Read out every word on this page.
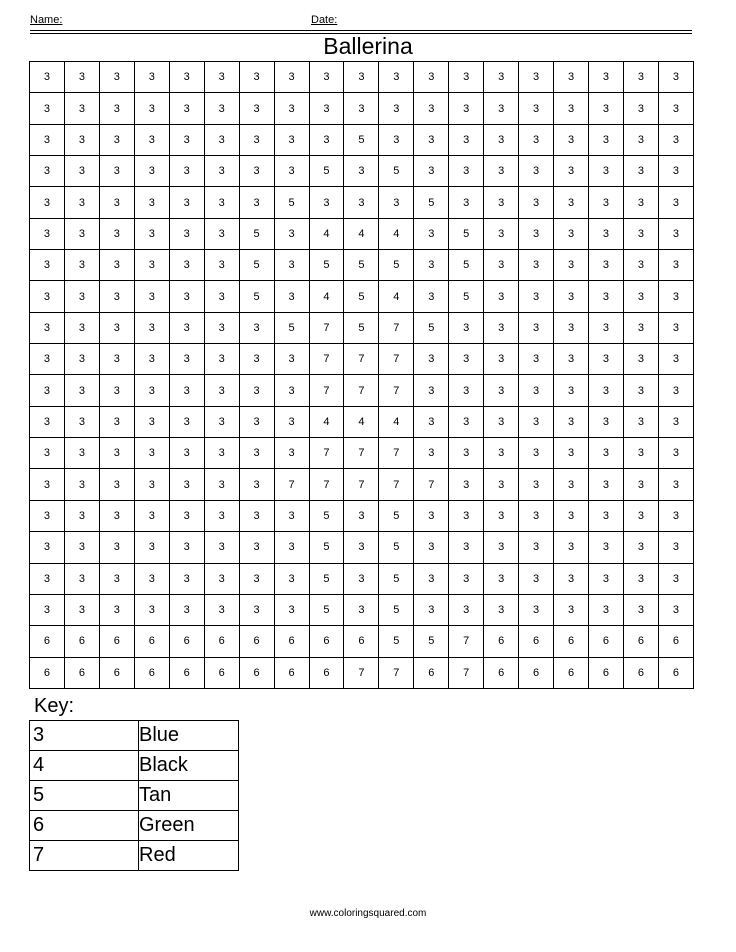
Name:	Date:
Ballerina
3	3	3	3	3	3	3	3	3	3	3	3	3	3	3	3	3	3	3
3	3	3	3	3	3	3	3	3	3	3	3	3	3	3	3	3	3	3
3	3	3	3	3	3	3	3	3	5	3	3	3	3	3	3	3	3	3
3	3	3	3	3	3	3	3	5	3	5	3	3	3	3	3	3	3	3
3	3	3	3	3	3	3	5	3	3	3	5	3	3	3	3	3	3	3
3	3	3	3	3	3	5	3	4	4	4	3	5	3	3	3	3	3	3
3	3	3	3	3	3	5	3	5	5	5	3	5	3	3	3	3	3	3
3	3	3	3	3	3	5	3	4	5	4	3	5	3	3	3	3	3	3
3	3	3	3	3	3	3	5	7	5	7	5	3	3	3	3	3	3	3
3	3	3	3	3	3	3	3	7	7	7	3	3	3	3	3	3	3	3
3	3	3	3	3	3	3	3	7	7	7	3	3	3	3	3	3	3	3
3	3	3	3	3	3	3	3	4	4	4	3	3	3	3	3	3	3	3
3	3	3	3	3	3	3	3	7	7	7	3	3	3	3	3	3	3	3
3	3	3	3	3	3	3	7	7	7	7	7	3	3	3	3	3	3	3
3	3	3	3	3	3	3	3	5	3	5	3	3	3	3	3	3	3	3
3	3	3	3	3	3	3	3	5	3	5	3	3	3	3	3	3	3	3
3	3	3	3	3	3	3	3	5	3	5	3	3	3	3	3	3	3	3
3	3	3	3	3	3	3	3	5	3	5	3	3	3	3	3	3	3	3
6	6	6	6	6	6	6	6	6	6	5	5	7	6	6	6	6	6	6
6	6	6	6	6	6	6	6	6	7	7	6	7	6	6	6	6	6	6
Key:
3	Blue
4	Black
5	Tan
6	Green
7	Red
www.coloringsquared.com
